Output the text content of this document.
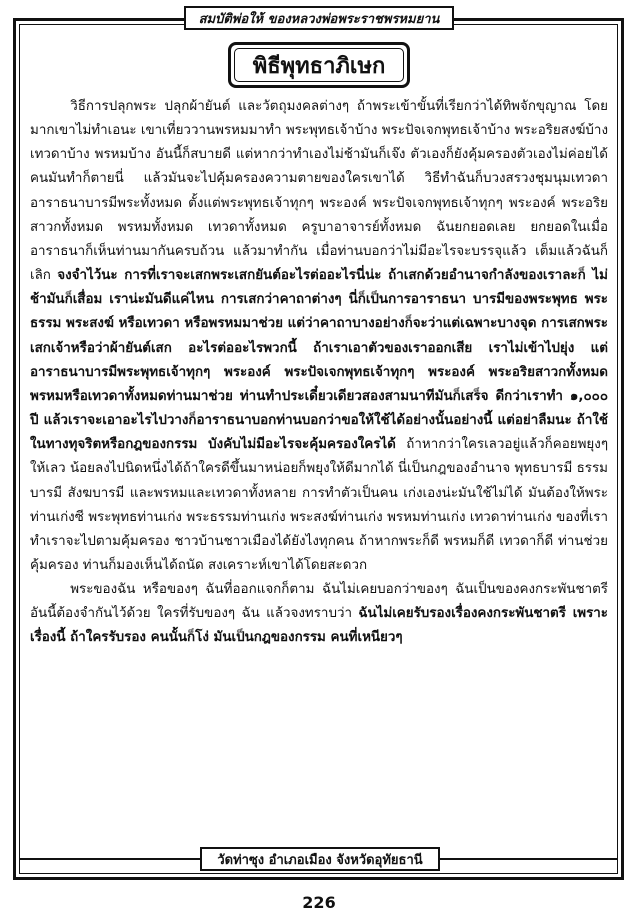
สมบัติพ่อให้
ของหลวงพ่อพระราชพรหมยาน
พิธีพุทธาภิเษก

วิธีการปลุกพระ ปลุกผ้ายันต์ และวัตถุมงคลต่างๆ ถ้าพระเข้าขั้นที่เรียกว่าได้ทิพจักขุญาณ โดยมากเขาไม่ทำเอนะ เขาเที่ยววานพรหมมาทำ พระพุทธเจ้าบ้าง พระปัจเจกพุทธเจ้าบ้าง พระอริยสงฆ์บ้าง เทวดาบ้าง พรหมบ้าง อันนี้ก็สบายดี แต่หากว่าทำเองไม่ช้ามันก็เจ๊ง ตัวเองก็ยังคุ้มครองตัวเองไม่ค่อยได้ คนมันทำก็ตายนี่ แล้วมันจะไปคุ้มครองความตายของใครเขาได้ วิธีทำฉันก็บวงสรวงชุมนุมเทวดา อาราธนาบารมีพระทั้งหมด ตั้งแต่พระพุทธเจ้าทุกๆ พระองค์ พระปัจเจกพุทธเจ้าทุกๆ พระองค์ พระอริยสาวกทั้งหมด พรหมทั้งหมด เทวดาทั้งหมด ครูบาอาจารย์ทั้งหมด ฉันยกยอดเลย ยกยอดในเมื่ออาราธนาก็เห็นท่านมากันครบถ้วน แล้วมาทำกัน เมื่อท่านบอกว่าไม่มีอะไรจะบรรจุแล้ว เต็มแล้วฉันก็เลิก จงจำไว้นะ การที่เราจะเสกพระเสกยันต์อะไรต่ออะไรนี่น่ะ ถ้าเสกด้วยอำนาจกำลังของเราละก็ ไม่ช้ามันก็เสื่อม เราน่ะมันดีแค่ไหน การเสกว่าคาถาต่างๆ นี่ก็เป็นการอาราธนา บารมีของพระพุทธ พระธรรม พระสงฆ์ หรือเทวดา หรือพรหมมาช่วย แต่ว่าคาถาบางอย่างก็จะว่าแต่เฉพาะบางจุด การเสกพระเสกเจ้าหรือว่าผ้ายันต์เสก อะไรต่ออะไรพวกนี้ ถ้าเราเอาตัวของเราออกเสีย เราไม่เข้าไปยุ่ง แต่อาราธนาบารมีพระพุทธเจ้าทุกๆ พระองค์ พระปัจเจกพุทธเจ้าทุกๆ พระองค์ พระอริยสาวกทั้งหมด พรหมหรือเทวดาทั้งหมดท่านมาช่วย ท่านทำประเดี๋ยวเดียวสองสามนาทีมันก็เสร็จ ดีกว่าเราทำ ๑,๐๐๐ ปี แล้วเราจะเอาอะไรไปวางก็อาราธนาบอกท่านบอกว่าขอให้ใช้ได้อย่างนั้นอย่างนี้ แต่อย่าลืมนะ ถ้าใช้ในทางทุจริตหรือกฎของกรรม บังคับไม่มีอะไรจะคุ้มครองใครได้ ถ้าหากว่าใครเลวอยู่แล้วก็คอยพยุงๆ ให้เลว น้อยลงไปนิดหนึ่งได้ถ้าใครดีขึ้นมาหน่อยก็พยุงให้ดีมากได้ นี่เป็นกฎของอำนาจ พุทธบารมี ธรรมบารมี สังฆบารมี และพรหมและเทวดาทั้งหลาย การทำตัวเป็นคน เก่งเองน่ะมันใช้ไม่ได้ มันต้องให้พระท่านเก่งซี พระพุทธท่านเก่ง พระธรรมท่านเก่ง พระสงฆ์ท่านเก่ง พรหมท่านเก่ง เทวดาท่านเก่ง ของที่เราทำเราจะไปตามคุ้มครอง ชาวบ้านชาวเมืองได้ยังไงทุกคน ถ้าหากพระก็ดี พรหมก็ดี เทวดาก็ดี ท่านช่วยคุ้มครอง ท่านก็มองเห็นได้ถนัด สงเคราะห์เขาได้โดยสะดวก

พระของฉัน หรือของๆ ฉันที่ออกแจกก็ตาม ฉันไม่เคยบอกว่าของๆ ฉันเป็นของคงกระพันชาตรี อันนี้ต้องจำกันไว้ด้วย ใครที่รับของๆ ฉัน แล้วจงทราบว่า ฉันไม่เคยรับรองเรื่องคงกระพันชาตรี เพราะเรื่องนี้ ถ้าใครรับรอง คนนั้นก็โง่ มันเป็นกฎของกรรม คนที่เหนียวๆ

วัดท่าซุง อำเภอเมือง จังหวัดอุทัยธานี
226
